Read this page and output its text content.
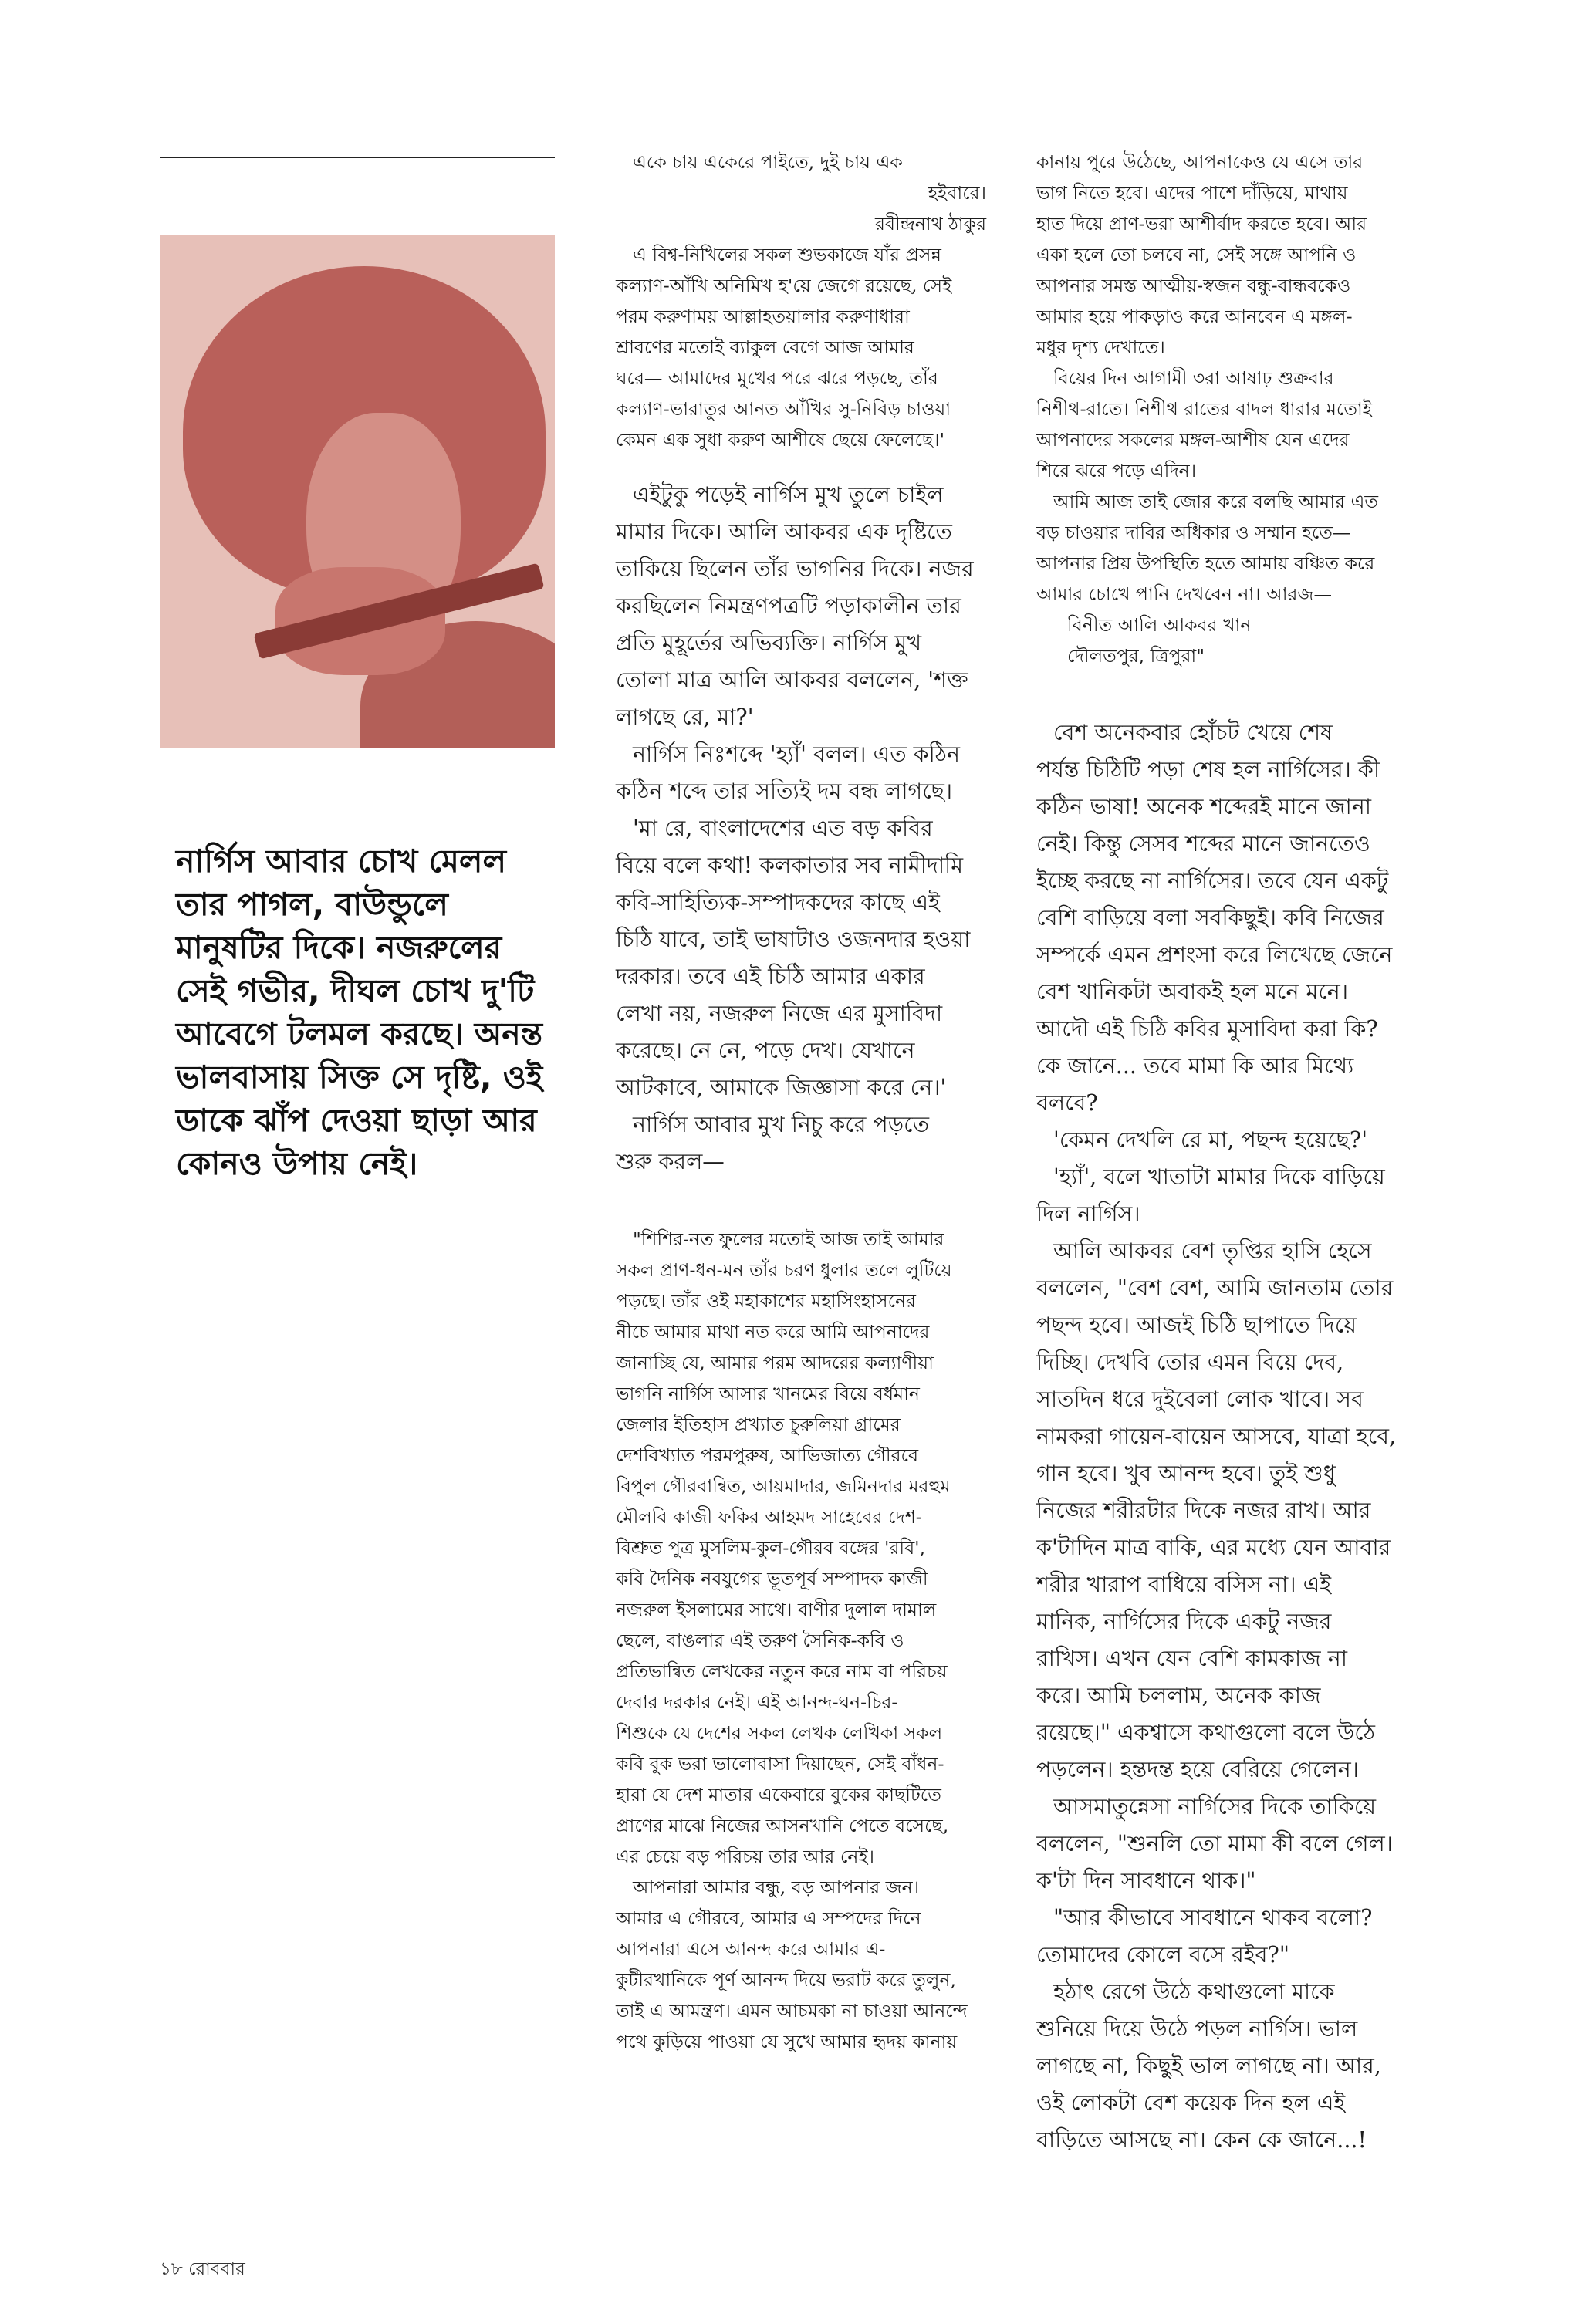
নার্গিস আবার চোখ মেলল
তার পাগল, বাউন্ডুলে
মানুষটির দিকে। নজরুলের
সেই গভীর, দীঘল চোখ দু'টি
আবেগে টলমল করছে। অনন্ত
ভালবাসায় সিক্ত সে দৃষ্টি, ওই
ডাকে ঝাঁপ দেওয়া ছাড়া আর
কোনও উপায় নেই।
একে চায় একেরে পাইতে, দুই চায় এক
হইবারে।
রবীন্দ্রনাথ ঠাকুর
এ বিশ্ব-নিখিলের সকল শুভকাজে যাঁর প্রসন্ন
কল্যাণ-আঁখি অনিমিখ হ'য়ে জেগে রয়েছে, সেই
পরম করুণাময় আল্লাহতয়ালার করুণাধারা
শ্রাবণের মতোই ব্যাকুল বেগে আজ আমার
ঘরে— আমাদের মুখের পরে ঝরে পড়ছে, তাঁর
কল্যাণ-ভারাতুর আনত আঁখির সু-নিবিড় চাওয়া
কেমন এক সুধা করুণ আশীষে ছেয়ে ফেলেছে।'
এইটুকু পড়েই নার্গিস মুখ তুলে চাইল
মামার দিকে। আলি আকবর এক দৃষ্টিতে
তাকিয়ে ছিলেন তাঁর ভাগনির দিকে। নজর
করছিলেন নিমন্ত্রণপত্রটি পড়াকালীন তার
প্রতি মুহূর্তের অভিব্যক্তি। নার্গিস মুখ
তোলা মাত্র আলি আকবর বললেন, 'শক্ত
লাগছে রে, মা?'
নার্গিস নিঃশব্দে 'হ্যাঁ' বলল। এত কঠিন
কঠিন শব্দে তার সত্যিই দম বন্ধ লাগছে।
'মা রে, বাংলাদেশের এত বড় কবির
বিয়ে বলে কথা! কলকাতার সব নামীদামি
কবি-সাহিত্যিক-সম্পাদকদের কাছে এই
চিঠি যাবে, তাই ভাষাটাও ওজনদার হওয়া
দরকার। তবে এই চিঠি আমার একার
লেখা নয়, নজরুল নিজে এর মুসাবিদা
করেছে। নে নে, পড়ে দেখ। যেখানে
আটকাবে, আমাকে জিজ্ঞাসা করে নে।'
নার্গিস আবার মুখ নিচু করে পড়তে
শুরু করল—
"শিশির-নত ফুলের মতোই আজ তাই আমার
সকল প্রাণ-ধন-মন তাঁর চরণ ধুলার তলে লুটিয়ে
পড়ছে। তাঁর ওই মহাকাশের মহাসিংহাসনের
নীচে আমার মাথা নত করে আমি আপনাদের
জানাচ্ছি যে, আমার পরম আদরের কল্যাণীয়া
ভাগনি নার্গিস আসার খানমের বিয়ে বর্ধমান
জেলার ইতিহাস প্রখ্যাত চুরুলিয়া গ্রামের
দেশবিখ্যাত পরমপুরুষ, আভিজাত্য গৌরবে
বিপুল গৌরবান্বিত, আয়মাদার, জমিনদার মরহুম
মৌলবি কাজী ফকির আহমদ সাহেবের দেশ-
বিশ্রুত পুত্র মুসলিম-কুল-গৌরব বঙ্গের 'রবি',
কবি দৈনিক নবযুগের ভূতপূর্ব সম্পাদক কাজী
নজরুল ইসলামের সাথে। বাণীর দুলাল দামাল
ছেলে, বাঙলার এই তরুণ সৈনিক-কবি ও
প্রতিভান্বিত লেখকের নতুন করে নাম বা পরিচয়
দেবার দরকার নেই। এই আনন্দ-ঘন-চির-
শিশুকে যে দেশের সকল লেখক লেখিকা সকল
কবি বুক ভরা ভালোবাসা দিয়াছেন, সেই বাঁধন-
হারা যে দেশ মাতার একেবারে বুকের কাছটিতে
প্রাণের মাঝে নিজের আসনখানি পেতে বসেছে,
এর চেয়ে বড় পরিচয় তার আর নেই।
আপনারা আমার বন্ধু, বড় আপনার জন।
আমার এ গৌরবে, আমার এ সম্পদের দিনে
আপনারা এসে আনন্দ করে আমার এ-
কুটীরখানিকে পূর্ণ আনন্দ দিয়ে ভরাট করে তুলুন,
তাই এ আমন্ত্রণ। এমন আচমকা না চাওয়া আনন্দে
পথে কুড়িয়ে পাওয়া যে সুখে আমার হৃদয় কানায়
কানায় পুরে উঠেছে, আপনাকেও যে এসে তার
ভাগ নিতে হবে। এদের পাশে দাঁড়িয়ে, মাথায়
হাত দিয়ে প্রাণ-ভরা আশীর্বাদ করতে হবে। আর
একা হলে তো চলবে না, সেই সঙ্গে আপনি ও
আপনার সমস্ত আত্মীয়-স্বজন বন্ধু-বান্ধবকেও
আমার হয়ে পাকড়াও করে আনবেন এ মঙ্গল-
মধুর দৃশ্য দেখাতে।
বিয়ের দিন আগামী ৩রা আষাঢ় শুক্রবার
নিশীথ-রাতে। নিশীথ রাতের বাদল ধারার মতোই
আপনাদের সকলের মঙ্গল-আশীষ যেন এদের
শিরে ঝরে পড়ে এদিন।
আমি আজ তাই জোর করে বলছি আমার এত
বড় চাওয়ার দাবির অধিকার ও সম্মান হতে—
আপনার প্রিয় উপস্থিতি হতে আমায় বঞ্চিত করে
আমার চোখে পানি দেখবেন না। আরজ—
বিনীত আলি আকবর খান
দৌলতপুর, ত্রিপুরা"
বেশ অনেকবার হোঁচট খেয়ে শেষ
পর্যন্ত চিঠিটি পড়া শেষ হল নার্গিসের। কী
কঠিন ভাষা! অনেক শব্দেরই মানে জানা
নেই। কিন্তু সেসব শব্দের মানে জানতেও
ইচ্ছে করছে না নার্গিসের। তবে যেন একটু
বেশি বাড়িয়ে বলা সবকিছুই। কবি নিজের
সম্পর্কে এমন প্রশংসা করে লিখেছে জেনে
বেশ খানিকটা অবাকই হল মনে মনে।
আদৌ এই চিঠি কবির মুসাবিদা করা কি?
কে জানে... তবে মামা কি আর মিথ্যে
বলবে?
'কেমন দেখলি রে মা, পছন্দ হয়েছে?'
'হ্যাঁ', বলে খাতাটা মামার দিকে বাড়িয়ে
দিল নার্গিস।
আলি আকবর বেশ তৃপ্তির হাসি হেসে
বললেন, "বেশ বেশ, আমি জানতাম তোর
পছন্দ হবে। আজই চিঠি ছাপাতে দিয়ে
দিচ্ছি। দেখবি তোর এমন বিয়ে দেব,
সাতদিন ধরে দুইবেলা লোক খাবে। সব
নামকরা গায়েন-বায়েন আসবে, যাত্রা হবে,
গান হবে। খুব আনন্দ হবে। তুই শুধু
নিজের শরীরটার দিকে নজর রাখ। আর
ক'টাদিন মাত্র বাকি, এর মধ্যে যেন আবার
শরীর খারাপ বাধিয়ে বসিস না। এই
মানিক, নার্গিসের দিকে একটু নজর
রাখিস। এখন যেন বেশি কামকাজ না
করে। আমি চললাম, অনেক কাজ
রয়েছে।" একশ্বাসে কথাগুলো বলে উঠে
পড়লেন। হন্তদন্ত হয়ে বেরিয়ে গেলেন।
আসমাতুন্নেসা নার্গিসের দিকে তাকিয়ে
বললেন, "শুনলি তো মামা কী বলে গেল।
ক'টা দিন সাবধানে থাক।"
"আর কীভাবে সাবধানে থাকব বলো?
তোমাদের কোলে বসে রইব?"
হঠাৎ রেগে উঠে কথাগুলো মাকে
শুনিয়ে দিয়ে উঠে পড়ল নার্গিস। ভাল
লাগছে না, কিছুই ভাল লাগছে না। আর,
ওই লোকটা বেশ কয়েক দিন হল এই
বাড়িতে আসছে না। কেন কে জানে...!
১৮ রোববার
